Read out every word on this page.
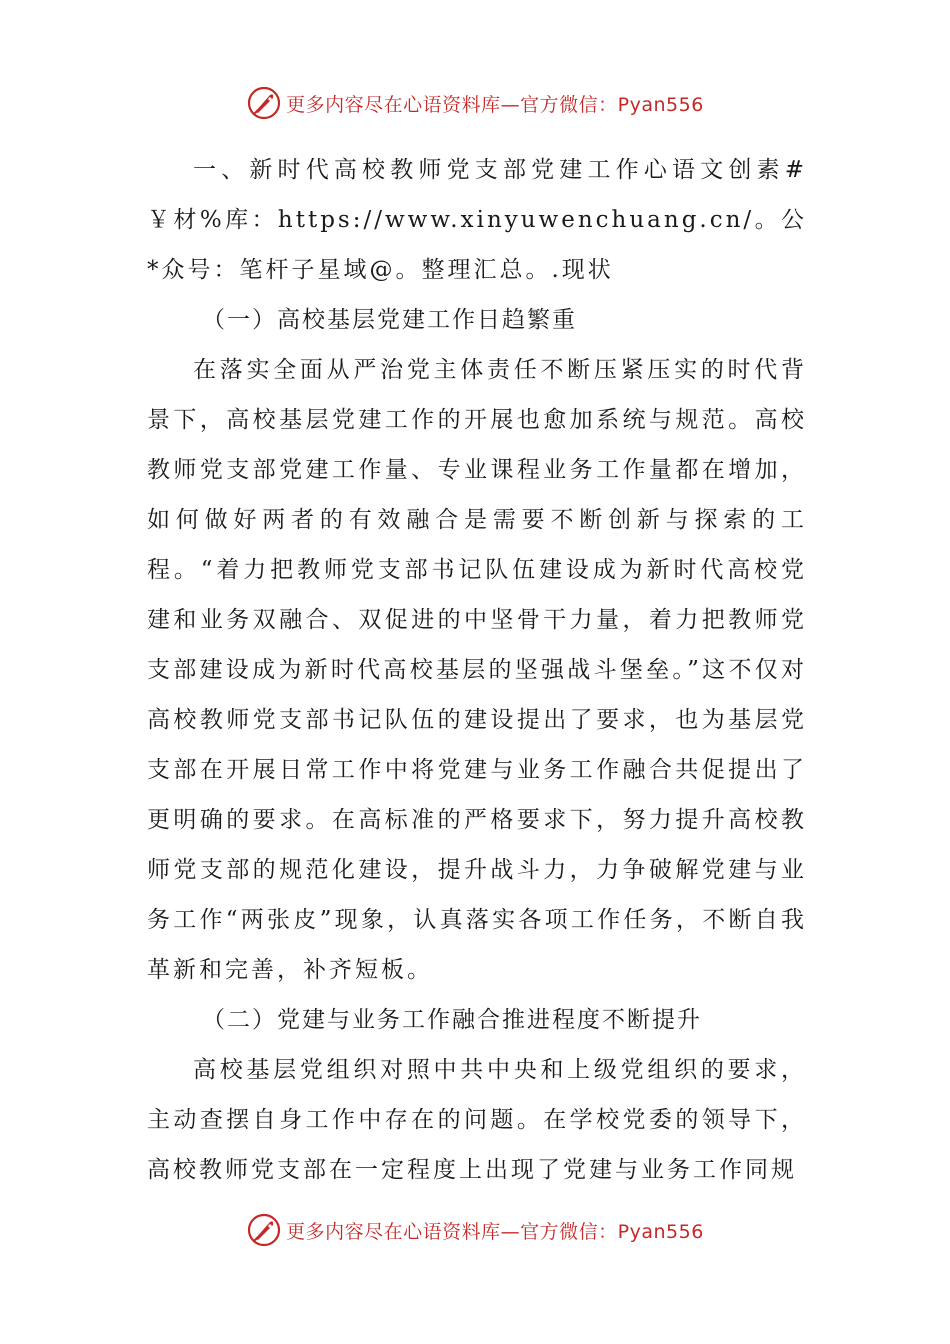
更多内容尽在心语资料库—官方微信：Pyan556

一、新时代高校教师党支部党建工作心语文创素#￥材%库：https://www.xinyuwenchuang.cn/。公*众号：笔杆子星域@。整理汇总。.现状

（一）高校基层党建工作日趋繁重

在落实全面从严治党主体责任不断压紧压实的时代背景下，高校基层党建工作的开展也愈加系统与规范。高校教师党支部党建工作量、专业课程业务工作量都在增加，如何做好两者的有效融合是需要不断创新与探索的工程。“着力把教师党支部书记队伍建设成为新时代高校党建和业务双融合、双促进的中坚骨干力量，着力把教师党支部建设成为新时代高校基层的坚强战斗堡垒。”这不仅对高校教师党支部书记队伍的建设提出了要求，也为基层党支部在开展日常工作中将党建与业务工作融合共促提出了更明确的要求。在高标准的严格要求下，努力提升高校教师党支部的规范化建设，提升战斗力，力争破解党建与业务工作“两张皮”现象，认真落实各项工作任务，不断自我革新和完善，补齐短板。

（二）党建与业务工作融合推进程度不断提升

高校基层党组织对照中共中央和上级党组织的要求，主动查摆自身工作中存在的问题。在学校党委的领导下，高校教师党支部在一定程度上出现了党建与业务工作同规

更多内容尽在心语资料库—官方微信：Pyan556
